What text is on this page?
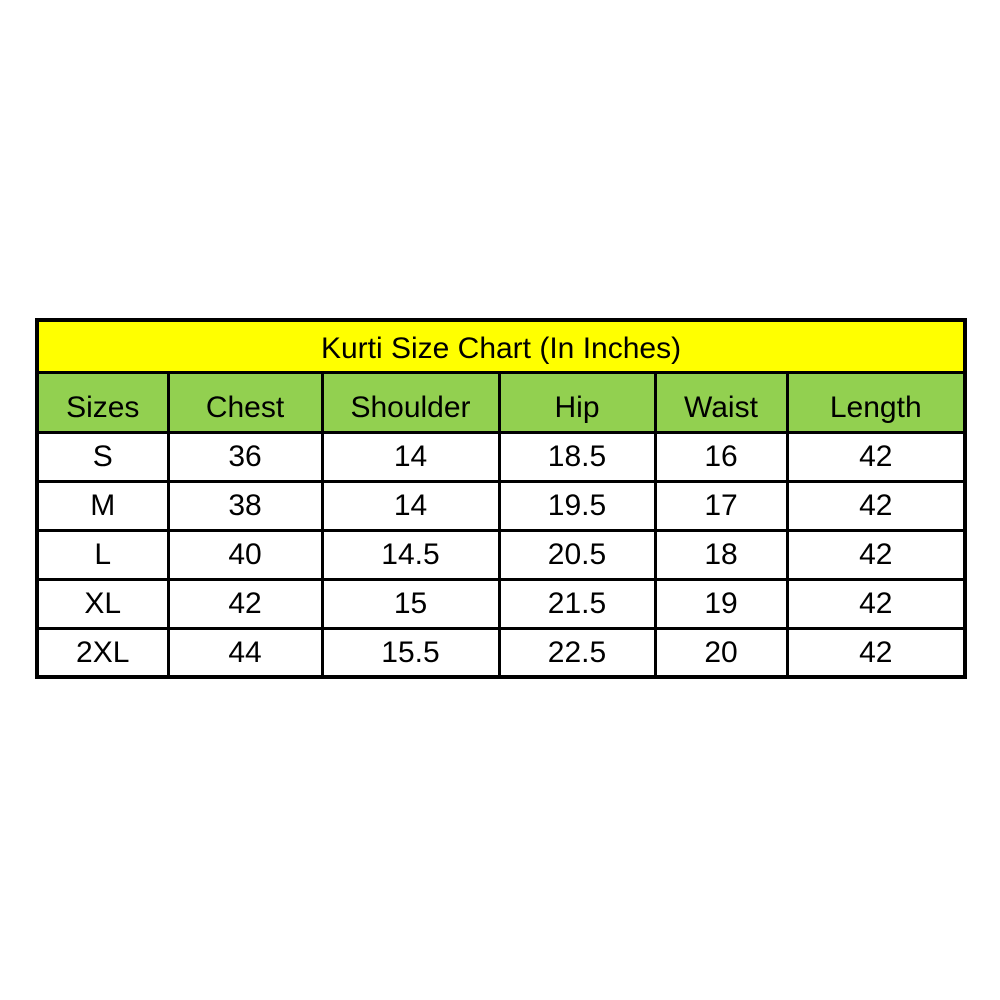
Kurti Size Chart (In Inches)					
Sizes	Chest	Shoulder	Hip	Waist	Length
S	36	14	18.5	16	42
M	38	14	19.5	17	42
L	40	14.5	20.5	18	42
XL	42	15	21.5	19	42
2XL	44	15.5	22.5	20	42
